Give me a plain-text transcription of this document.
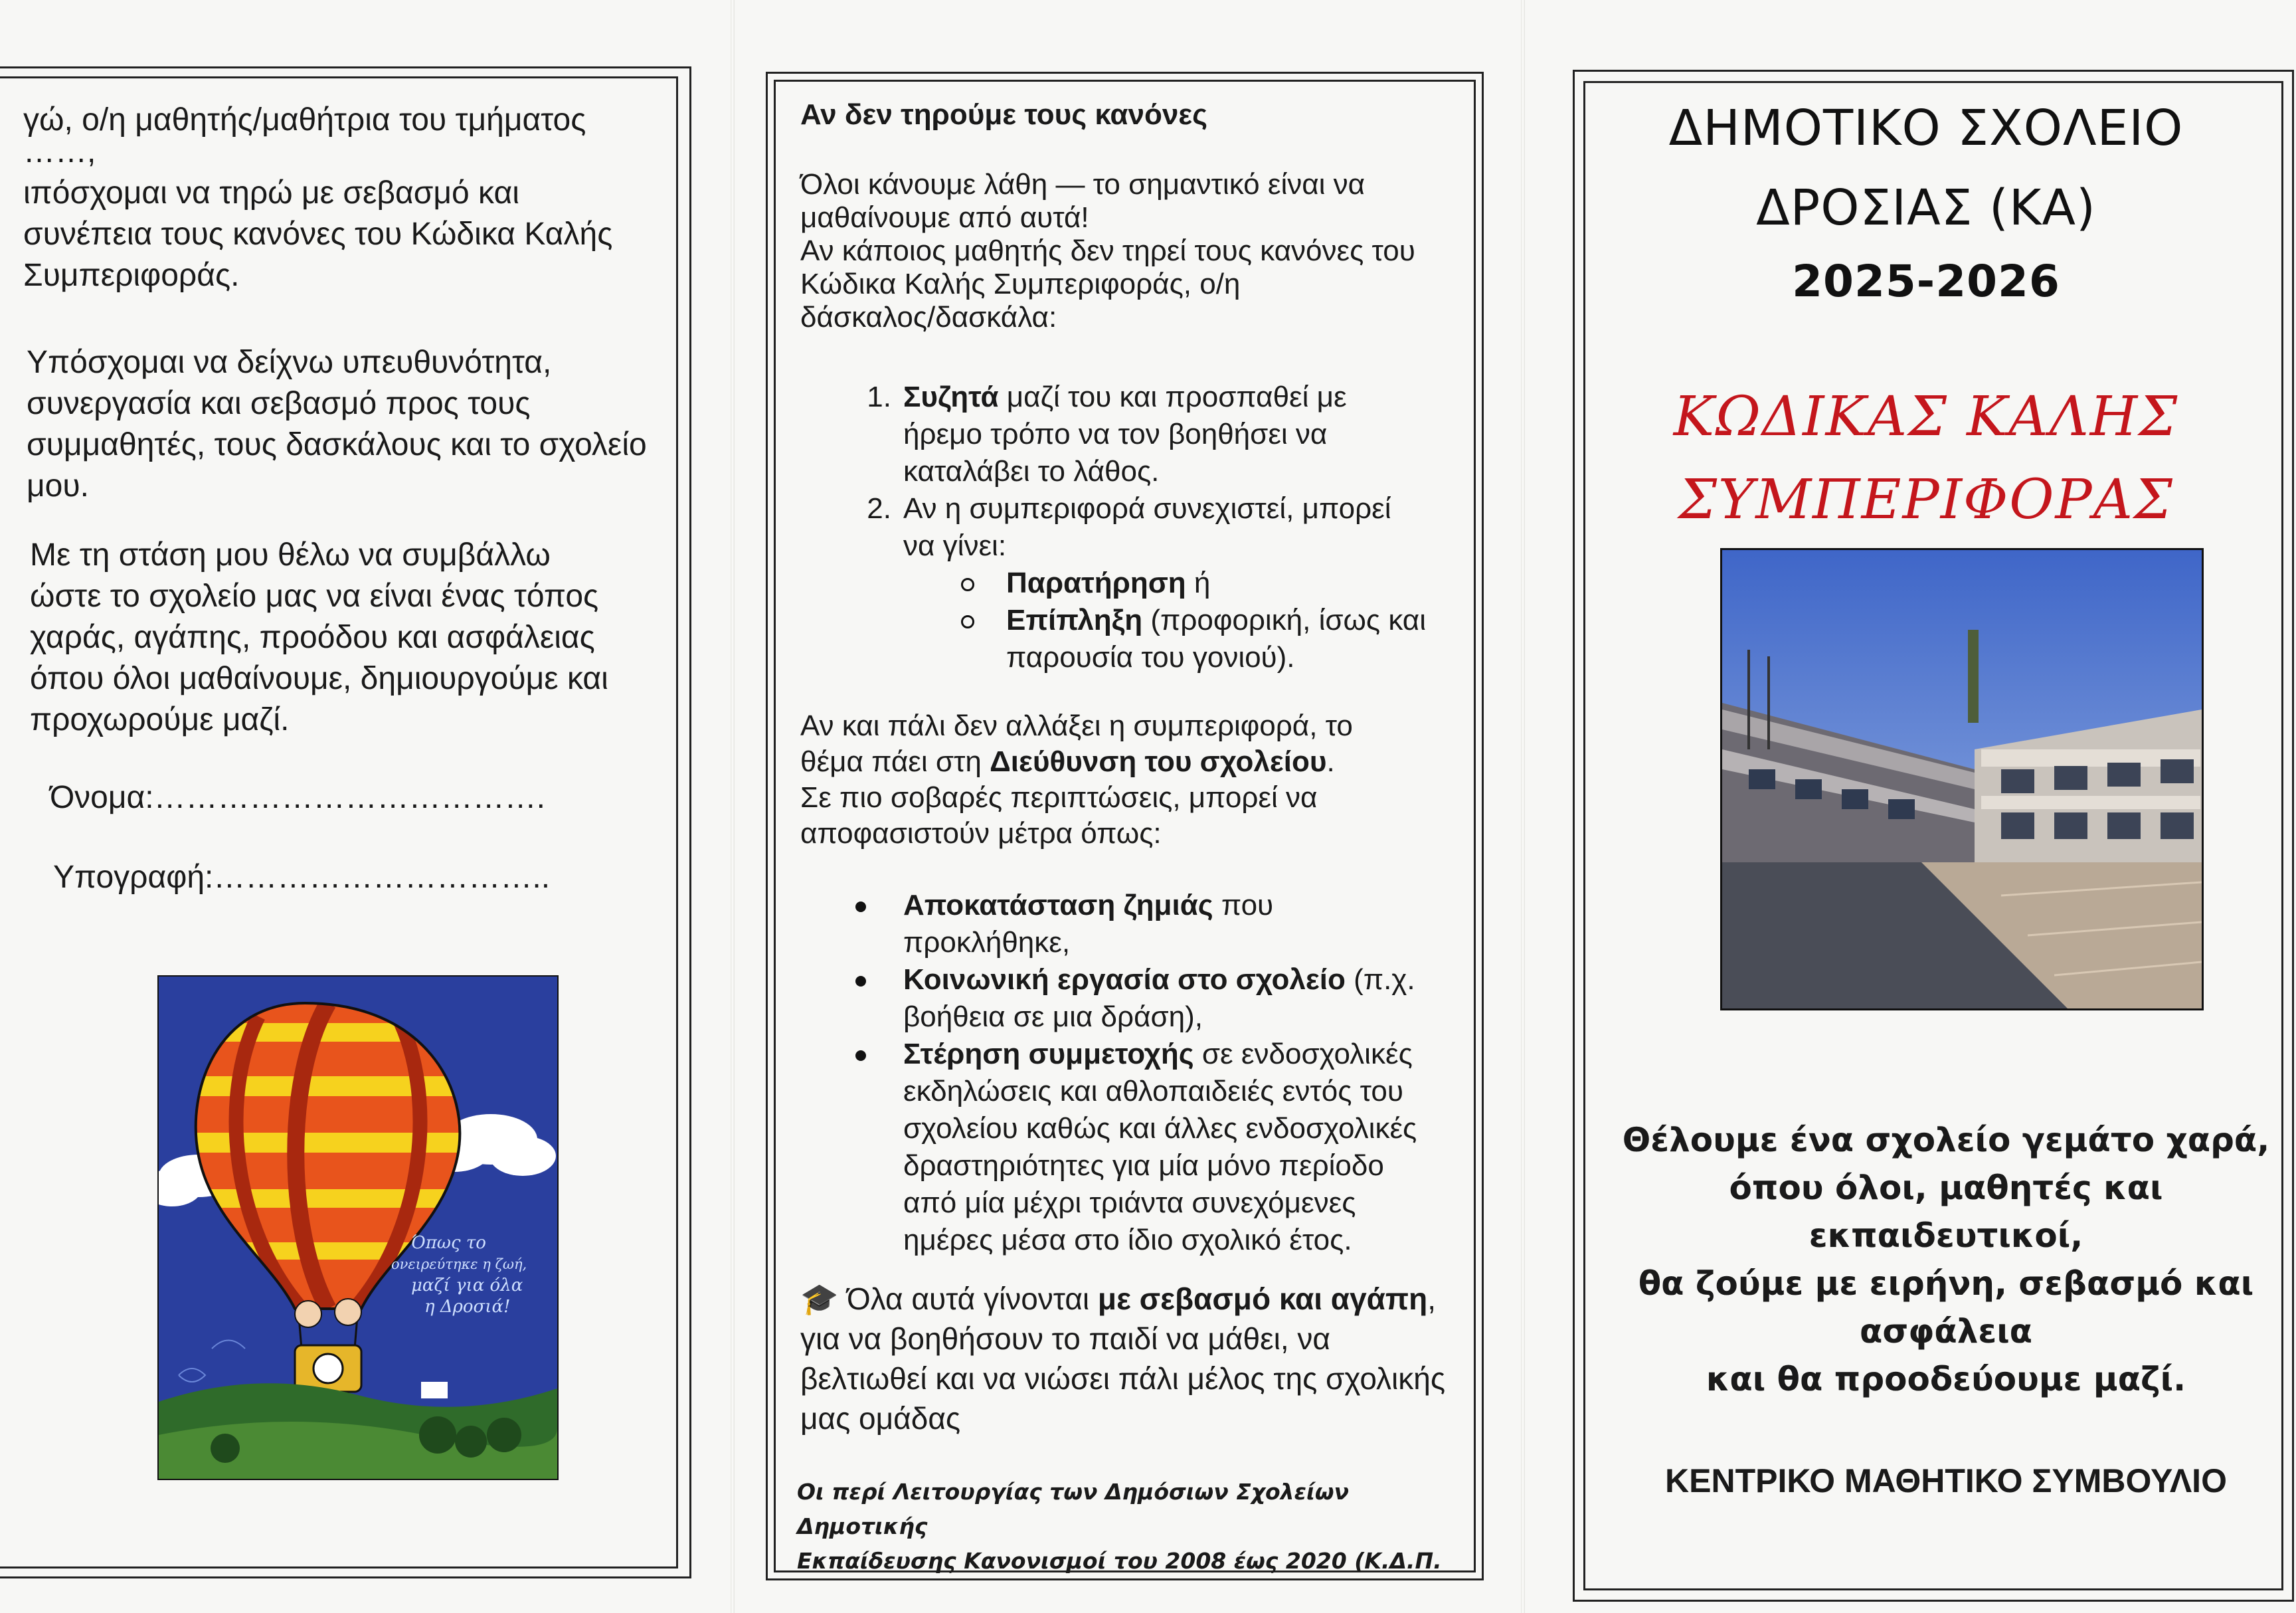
γώ, ο/η μαθητής/μαθήτρια του τμήματος
……,
ιπόσχομαι να τηρώ με σεβασμό και
συνέπεια τους κανόνες του Κώδικα Καλής
Συμπεριφοράς.
Υπόσχομαι να δείχνω υπευθυνότητα,
συνεργασία και σεβασμό προς τους
συμμαθητές, τους δασκάλους και το σχολείο
μου.
Με τη στάση μου θέλω να συμβάλλω
ώστε το σχολείο μας να είναι ένας τόπος
χαράς, αγάπης, προόδου και ασφάλειας
όπου όλοι μαθαίνουμε, δημιουργούμε και
προχωρούμε μαζί.
Όνομα:……………………………….
Υπογραφή:…………………………..
Όπως το
ονειρεύτηκε η ζωή,
μαζί για όλα
η Δροσιά!
Αν δεν τηρούμε τους κανόνες
Όλοι κάνουμε λάθη — το σημαντικό είναι να
μαθαίνουμε από αυτά!
Αν κάποιος μαθητής δεν τηρεί τους κανόνες του
Κώδικα Καλής Συμπεριφοράς, ο/η
δάσκαλος/δασκάλα:
1. Συζητά μαζί του και προσπαθεί με
ήρεμο τρόπο να τον βοηθήσει να
καταλάβει το λάθος.
2. Αν η συμπεριφορά συνεχιστεί, μπορεί
να γίνει:
Παρατήρηση ή
Επίπληξη (προφορική, ίσως και
παρουσία του γονιού).
Αν και πάλι δεν αλλάξει η συμπεριφορά, το
θέμα πάει στη Διεύθυνση του σχολείου.
Σε πιο σοβαρές περιπτώσεις, μπορεί να
αποφασιστούν μέτρα όπως:
Αποκατάσταση ζημιάς που
προκλήθηκε,
Κοινωνική εργασία στο σχολείο (π.χ.
βοήθεια σε μια δράση),
Στέρηση συμμετοχής σε ενδοσχολικές
εκδηλώσεις και αθλοπαιδειές εντός του
σχολείου καθώς και άλλες ενδοσχολικές
δραστηριότητες για μία μόνο περίοδο
από μία μέχρι τριάντα συνεχόμενες
ημέρες μέσα στο ίδιο σχολικό έτος.
🎓 Όλα αυτά γίνονται με σεβασμό και αγάπη,
για να βοηθήσουν το παιδί να μάθει, να
βελτιωθεί και να νιώσει πάλι μέλος της σχολικής
μας ομάδας
Οι περί Λειτουργίας των Δημόσιων Σχολείων Δημοτικής
Εκπαίδευσης Κανονισμοί του 2008 έως 2020 (Κ.Δ.Π.
ΔΗΜΟΤΙΚΟ ΣΧΟΛΕΙΟ
ΔΡΟΣΙΑΣ (ΚΑ)
2025-2026
ΚΩΔΙΚΑΣ ΚΑΛΗΣ
ΣΥΜΠΕΡΙΦΟΡΑΣ
Θέλουμε ένα σχολείο γεμάτο χαρά,
όπου όλοι, μαθητές και εκπαιδευτικοί,
θα ζούμε με ειρήνη, σεβασμό και
ασφάλεια
και θα προοδεύουμε μαζί.
ΚΕΝΤΡΙΚΟ ΜΑΘΗΤΙΚΟ ΣΥΜΒΟΥΛΙΟ
